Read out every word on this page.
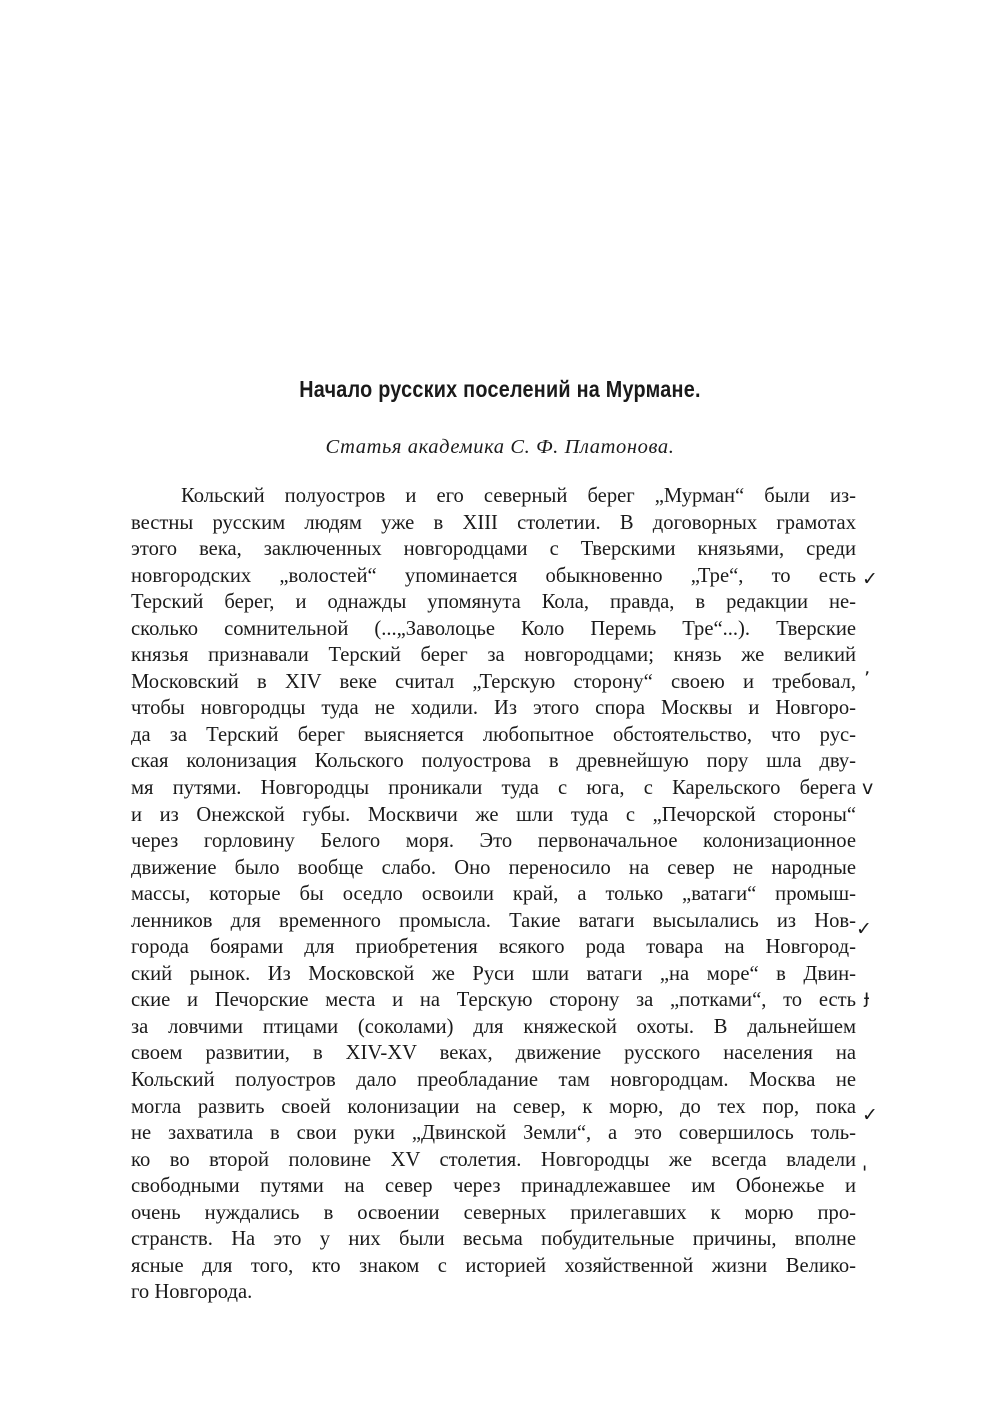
Начало русских поселений на Мурмане.
Статья академика С. Ф. Платонова.
Кольский полуостров и его северный берег „Мурман“ были из-
вестны русским людям уже в XIII столетии. В договорных грамотах
этого века, заключенных новгородцами с Тверскими князьями, среди
новгородских „волостей“ упоминается обыкновенно „Тре“, то есть
Терский берег, и однажды упомянута Кола, правда, в редакции не-
сколько сомнительной (...„Заволоцье Коло Перемь Тре“...). Тверские
князья признавали Терский берег за новгородцами; князь же великий
Московский в XIV веке считал „Терскую сторону“ своею и требовал,
чтобы новгородцы туда не ходили. Из этого спора Москвы и Новгоро-
да за Терский берег выясняется любопытное обстоятельство, что рус-
ская колонизация Кольского полуострова в древнейшую пору шла дву-
мя путями. Новгородцы проникали туда с юга, с Карельского берега
и из Онежской губы. Москвичи же шли туда с „Печорской стороны“
через горловину Белого моря. Это первоначальное колонизационное
движение было вообще слабо. Оно переносило на север не народные
массы, которые бы оседло освоили край, а только „ватаги“ промыш-
ленников для временного промысла. Такие ватаги высылались из Нов-
города боярами для приобретения всякого рода товара на Новгород-
ский рынок. Из Московской же Руси шли ватаги „на море“ в Двин-
ские и Печорские места и на Терскую сторону за „потками“, то есть
за ловчими птицами (соколами) для княжеской охоты. В дальнейшем
своем развитии, в XIV-XV веках, движение русского населения на
Кольский полуостров дало преобладание там новгородцам. Москва не
могла развить своей колонизации на север, к морю, до тех пор, пока
не захватила в свои руки „Двинской Земли“, а это совершилось толь-
ко во второй половине XV столетия. Новгородцы же всегда владели
свободными путями на север через принадлежавшее им Обонежье и
очень нуждались в освоении северных прилегавших к морю про-
странств. На это у них были весьма побудительные причины, вполне
ясные для того, кто знаком с историей хозяйственной жизни Велико-
го Новгорода.
✓
ʼ
v
✓
ɟ
✓
'
